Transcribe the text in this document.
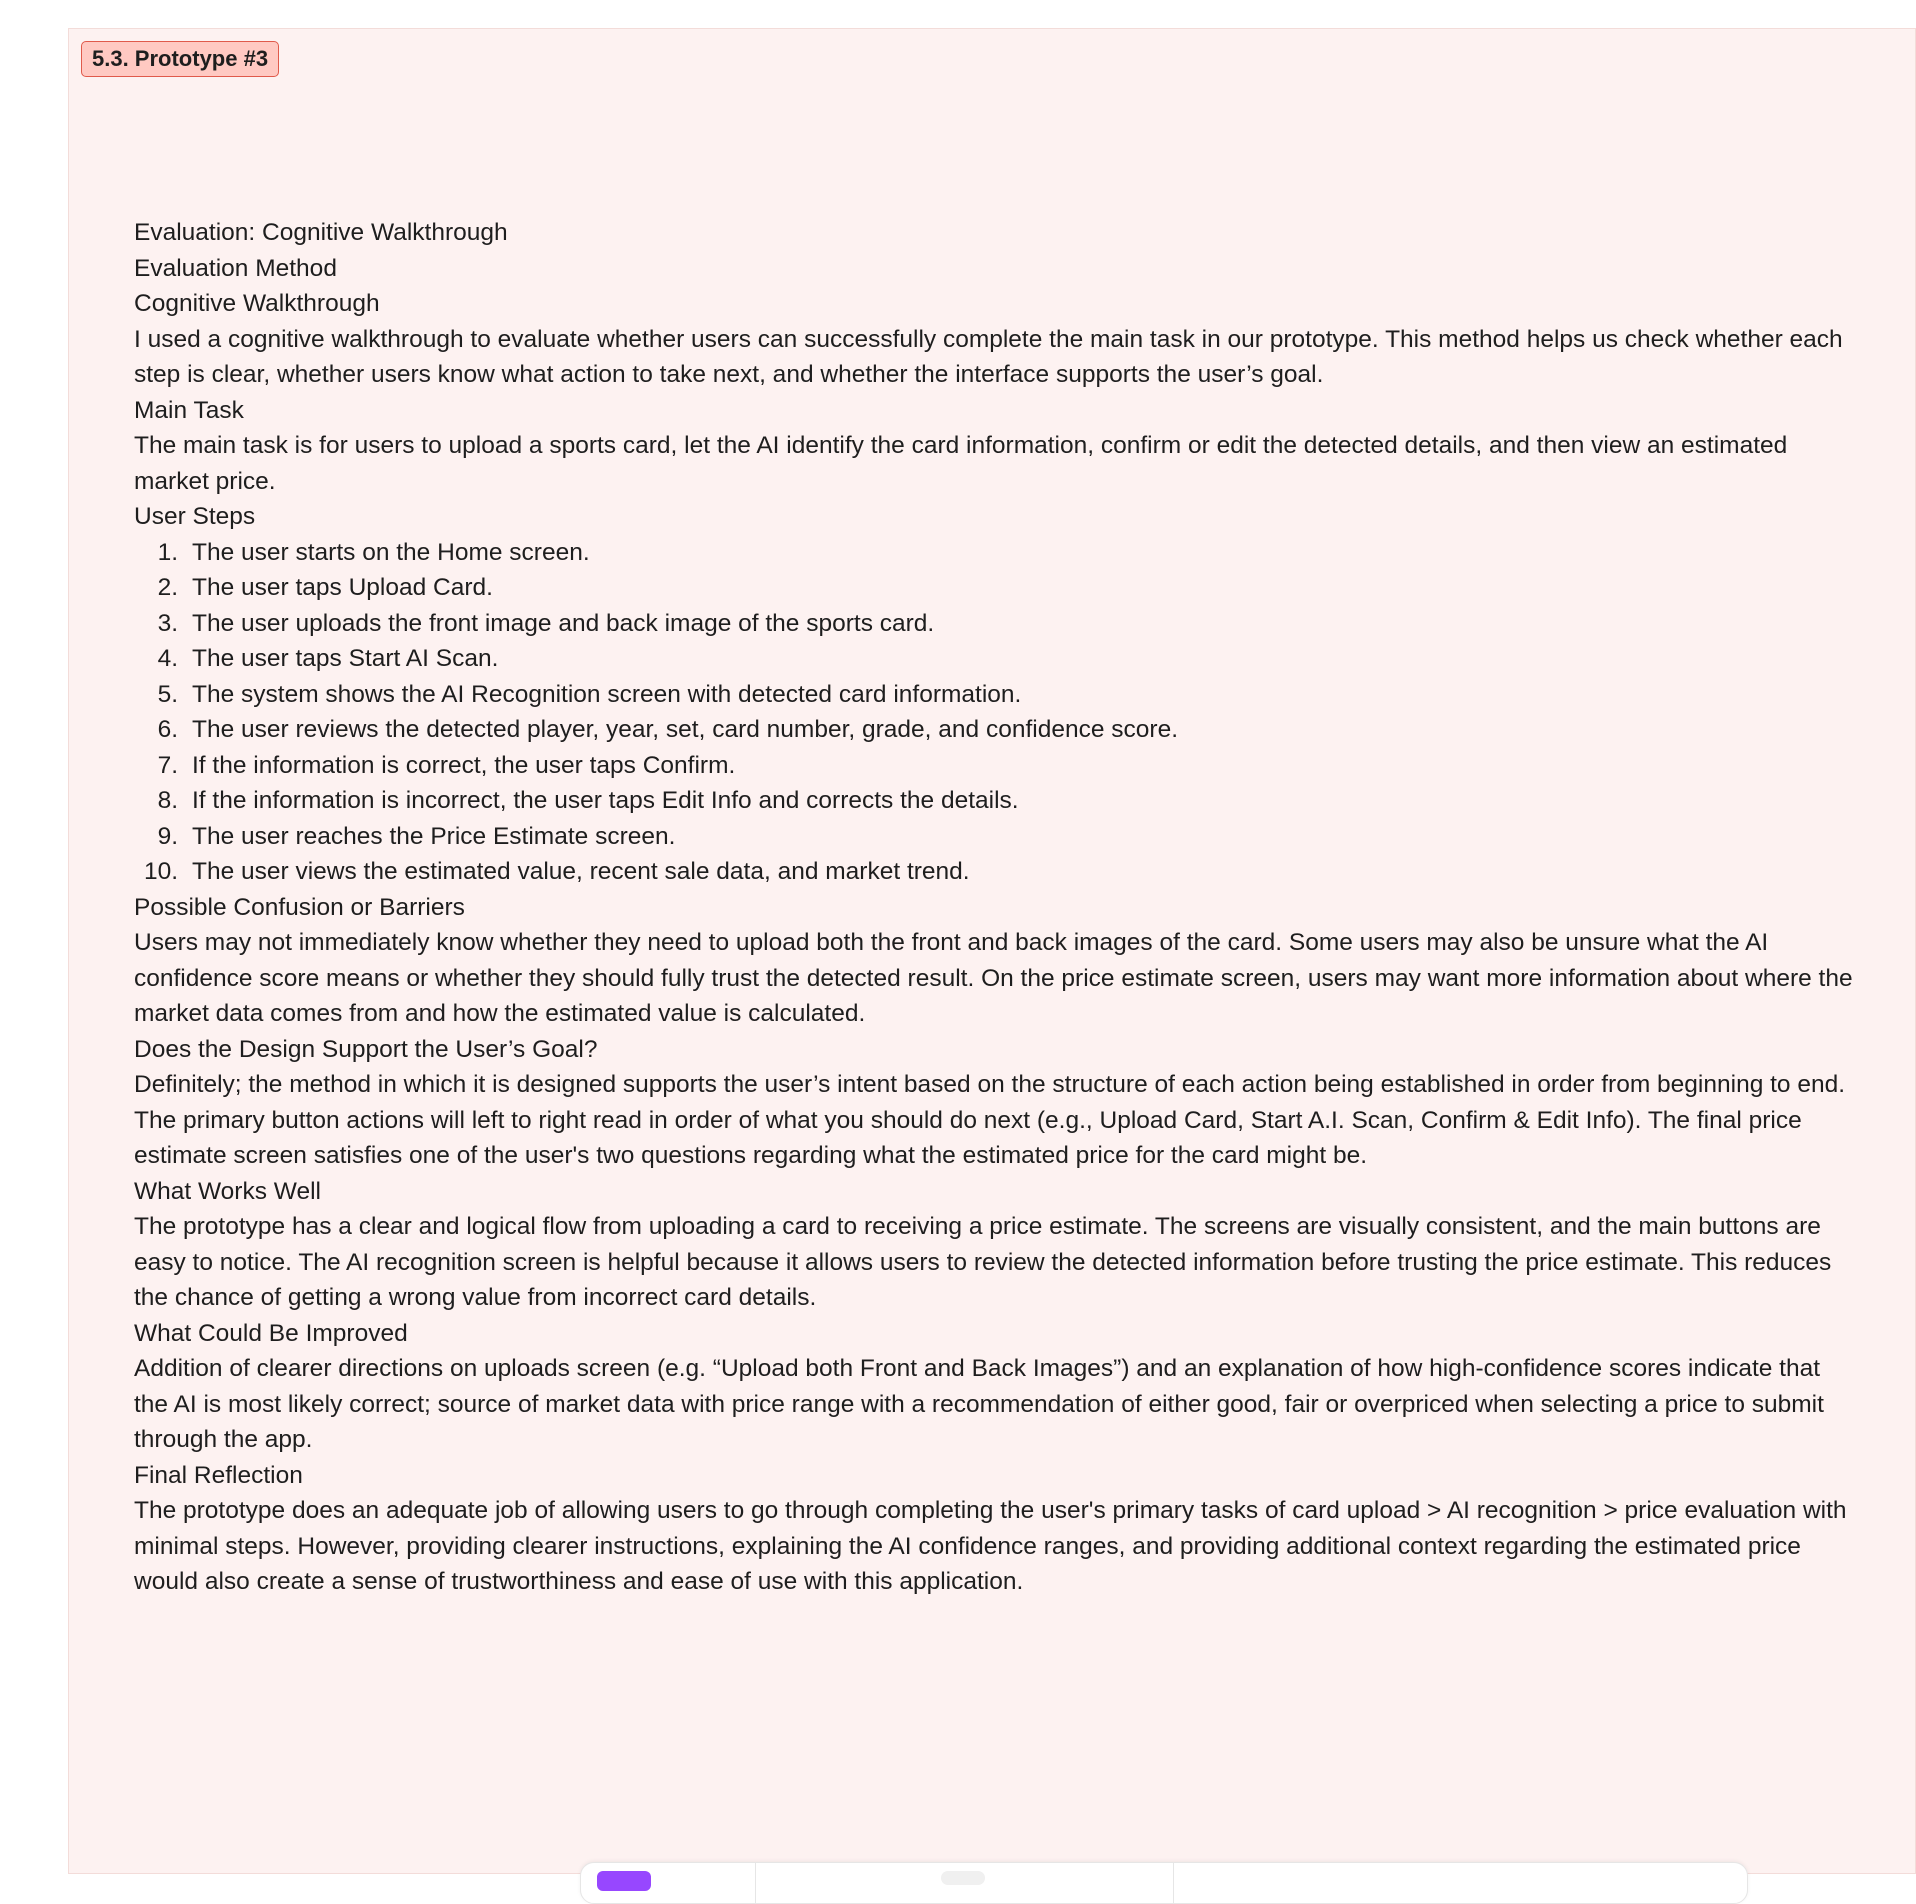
5.3. Prototype #3
Evaluation: Cognitive Walkthrough
Evaluation Method
Cognitive Walkthrough
I used a cognitive walkthrough to evaluate whether users can successfully complete the main task in our prototype. This method helps us check whether each step is clear, whether users know what action to take next, and whether the interface supports the user’s goal.
Main Task
The main task is for users to upload a sports card, let the AI identify the card information, confirm or edit the detected details, and then view an estimated market price.
User Steps
1. The user starts on the Home screen.
2. The user taps Upload Card.
3. The user uploads the front image and back image of the sports card.
4. The user taps Start AI Scan.
5. The system shows the AI Recognition screen with detected card information.
6. The user reviews the detected player, year, set, card number, grade, and confidence score.
7. If the information is correct, the user taps Confirm.
8. If the information is incorrect, the user taps Edit Info and corrects the details.
9. The user reaches the Price Estimate screen.
10. The user views the estimated value, recent sale data, and market trend.
Possible Confusion or Barriers
Users may not immediately know whether they need to upload both the front and back images of the card. Some users may also be unsure what the AI confidence score means or whether they should fully trust the detected result. On the price estimate screen, users may want more information about where the market data comes from and how the estimated value is calculated.
Does the Design Support the User’s Goal?
Definitely; the method in which it is designed supports the user’s intent based on the structure of each action being established in order from beginning to end. The primary button actions will left to right read in order of what you should do next (e.g., Upload Card, Start A.I. Scan, Confirm & Edit Info). The final price estimate screen satisfies one of the user's two questions regarding what the estimated price for the card might be.
What Works Well
The prototype has a clear and logical flow from uploading a card to receiving a price estimate. The screens are visually consistent, and the main buttons are easy to notice. The AI recognition screen is helpful because it allows users to review the detected information before trusting the price estimate. This reduces the chance of getting a wrong value from incorrect card details.
What Could Be Improved
Addition of clearer directions on uploads screen (e.g. “Upload both Front and Back Images”) and an explanation of how high-confidence scores indicate that the AI is most likely correct; source of market data with price range with a recommendation of either good, fair or overpriced when selecting a price to submit through the app.
Final Reflection
The prototype does an adequate job of allowing users to go through completing the user's primary tasks of card upload > AI recognition > price evaluation with minimal steps. However, providing clearer instructions, explaining the AI confidence ranges, and providing additional context regarding the estimated price would also create a sense of trustworthiness and ease of use with this application.
